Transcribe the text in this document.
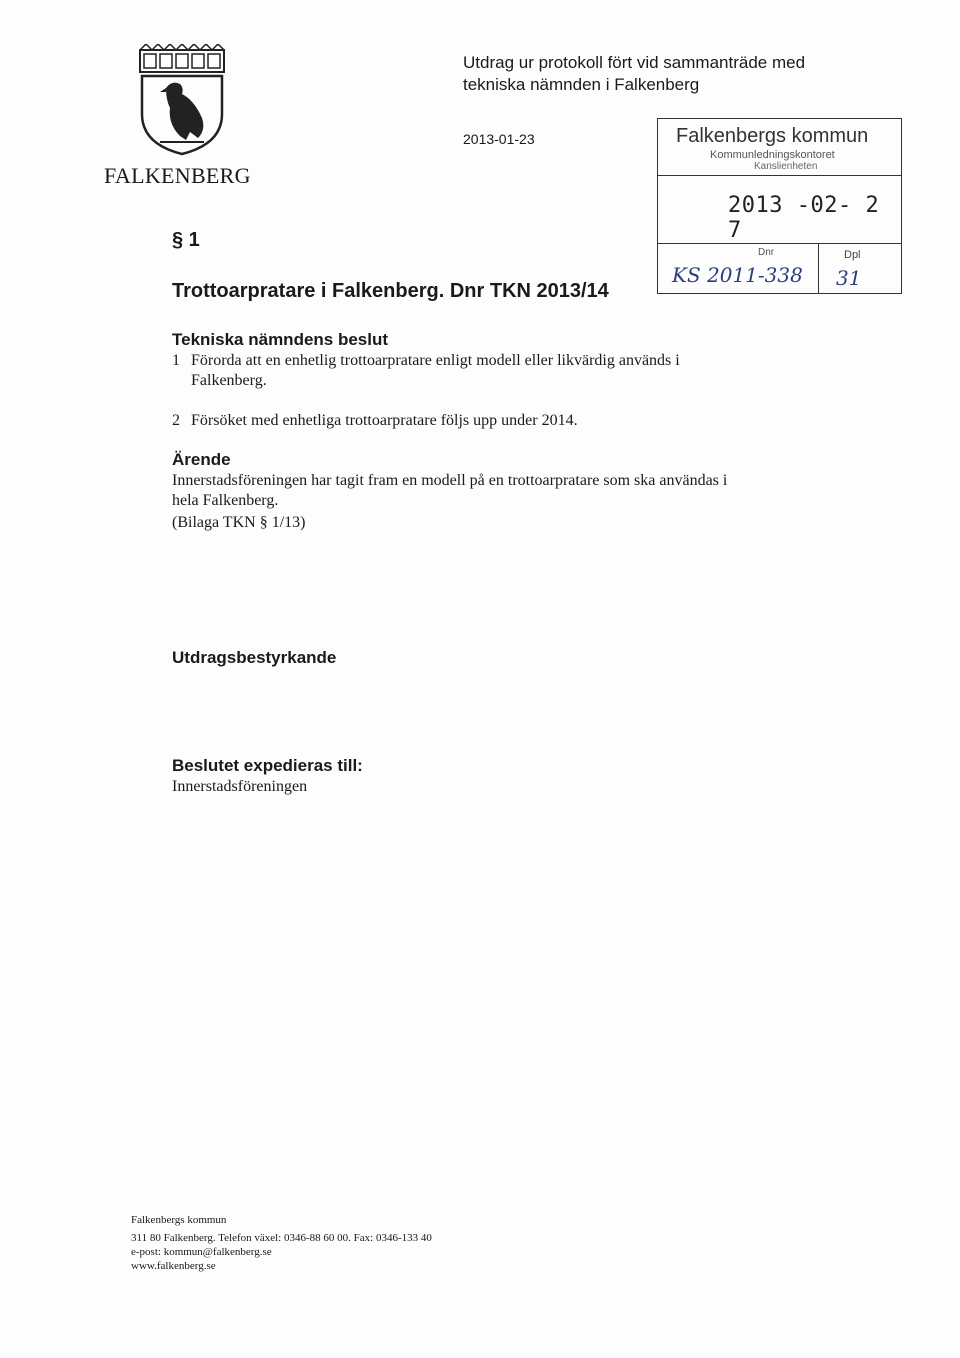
FALKENBERG
Utdrag ur protokoll fört vid sammanträde med
tekniska nämnden i Falkenberg
2013-01-23	Falkenbergs kommun
Kommunledningskontoret
Kanslienheten
2013 -02- 2 7
Dnr	Dpl
KS 2011-338 31
§ 1
Trottoarpratare i Falkenberg. Dnr TKN 2013/14
Tekniska nämndens beslut
1 Förorda att en enhetlig trottoarpratare enligt modell eller likvärdig används i
Falkenberg.
2 Försöket med enhetliga trottoarpratare följs upp under 2014.
Ärende
Innerstadsföreningen har tagit fram en modell på en trottoarpratare som ska användas i
hela Falkenberg.
(Bilaga TKN § 1/13)
Utdragsbestyrkande
Beslutet expedieras till:
Innerstadsföreningen
Falkenbergs kommun
311 80 Falkenberg. Telefon växel: 0346-88 60 00. Fax: 0346-133 40
e-post: kommun@falkenberg.se
www.falkenberg.se
